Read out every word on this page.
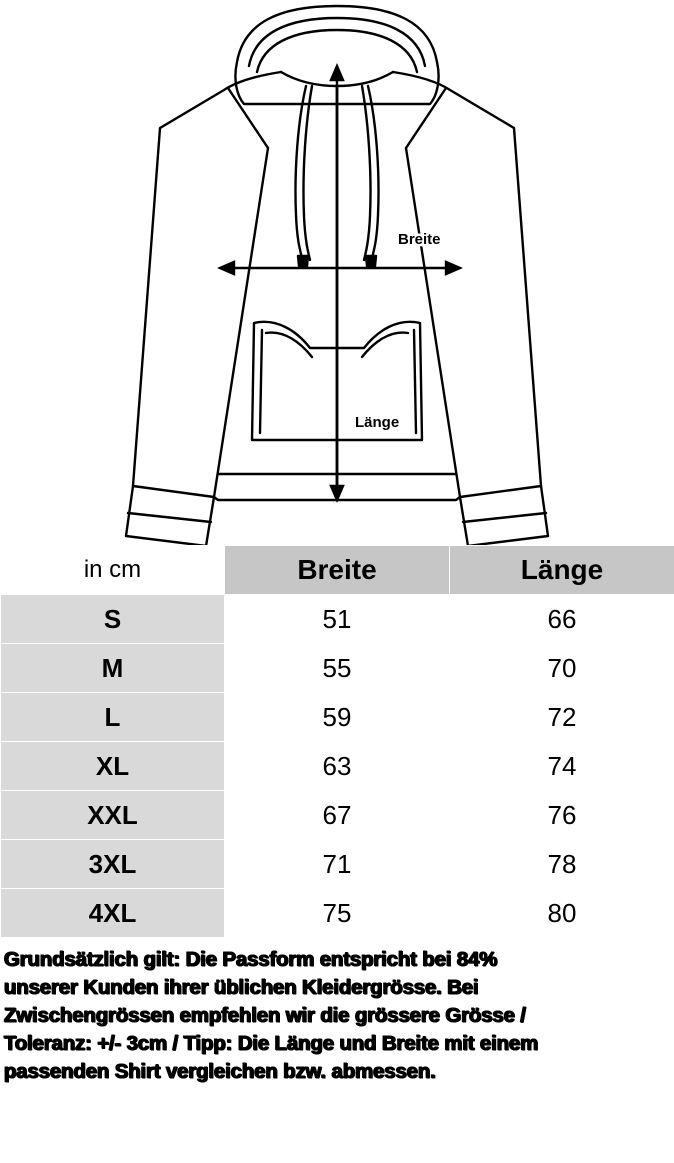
Breite
Länge
in cm	Breite	Länge
S	51	66
M	55	70
L	59	72
XL	63	74
XXL	67	76
3XL	71	78
4XL	75	80
Grundsätzlich gilt: Die Passform entspricht bei 84%
unserer Kunden ihrer üblichen Kleidergrösse. Bei
Zwischengrössen empfehlen wir die grössere Grösse /
Toleranz: +/- 3cm / Tipp: Die Länge und Breite mit einem
passenden Shirt vergleichen bzw. abmessen.
